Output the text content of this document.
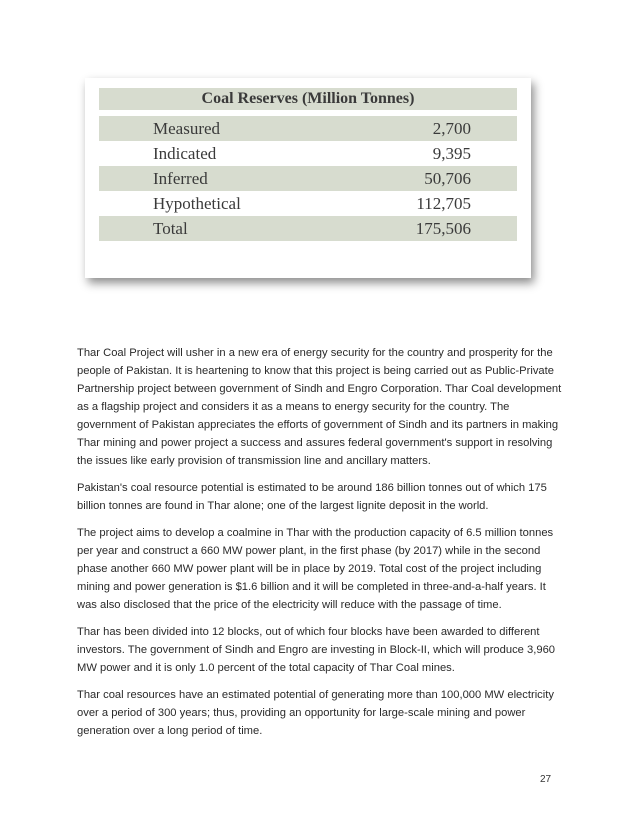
Coal Reserves (Million Tonnes)
Measured	2,700
Indicated	9,395
Inferred	50,706
Hypothetical	112,705
Total	175,506

Thar Coal Project will usher in a new era of energy security for the country and prosperity for the people of Pakistan. It is heartening to know that this project is being carried out as Public-Private Partnership project between government of Sindh and Engro Corporation. Thar Coal development as a flagship project and considers it as a means to energy security for the country. The government of Pakistan appreciates the efforts of government of Sindh and its partners in making Thar mining and power project a success and assures federal government's support in resolving the issues like early provision of transmission line and ancillary matters.

Pakistan's coal resource potential is estimated to be around 186 billion tonnes out of which 175 billion tonnes are found in Thar alone; one of the largest lignite deposit in the world.

The project aims to develop a coalmine in Thar with the production capacity of 6.5 million tonnes per year and construct a 660 MW power plant, in the first phase (by 2017) while in the second phase another 660 MW power plant will be in place by 2019. Total cost of the project including mining and power generation is $1.6 billion and it will be completed in three-and-a-half years. It was also disclosed that the price of the electricity will reduce with the passage of time.

Thar has been divided into 12 blocks, out of which four blocks have been awarded to different investors. The government of Sindh and Engro are investing in Block-II, which will produce 3,960 MW power and it is only 1.0 percent of the total capacity of Thar Coal mines.

Thar coal resources have an estimated potential of generating more than 100,000 MW electricity over a period of 300 years; thus, providing an opportunity for large-scale mining and power generation over a long period of time.

27
